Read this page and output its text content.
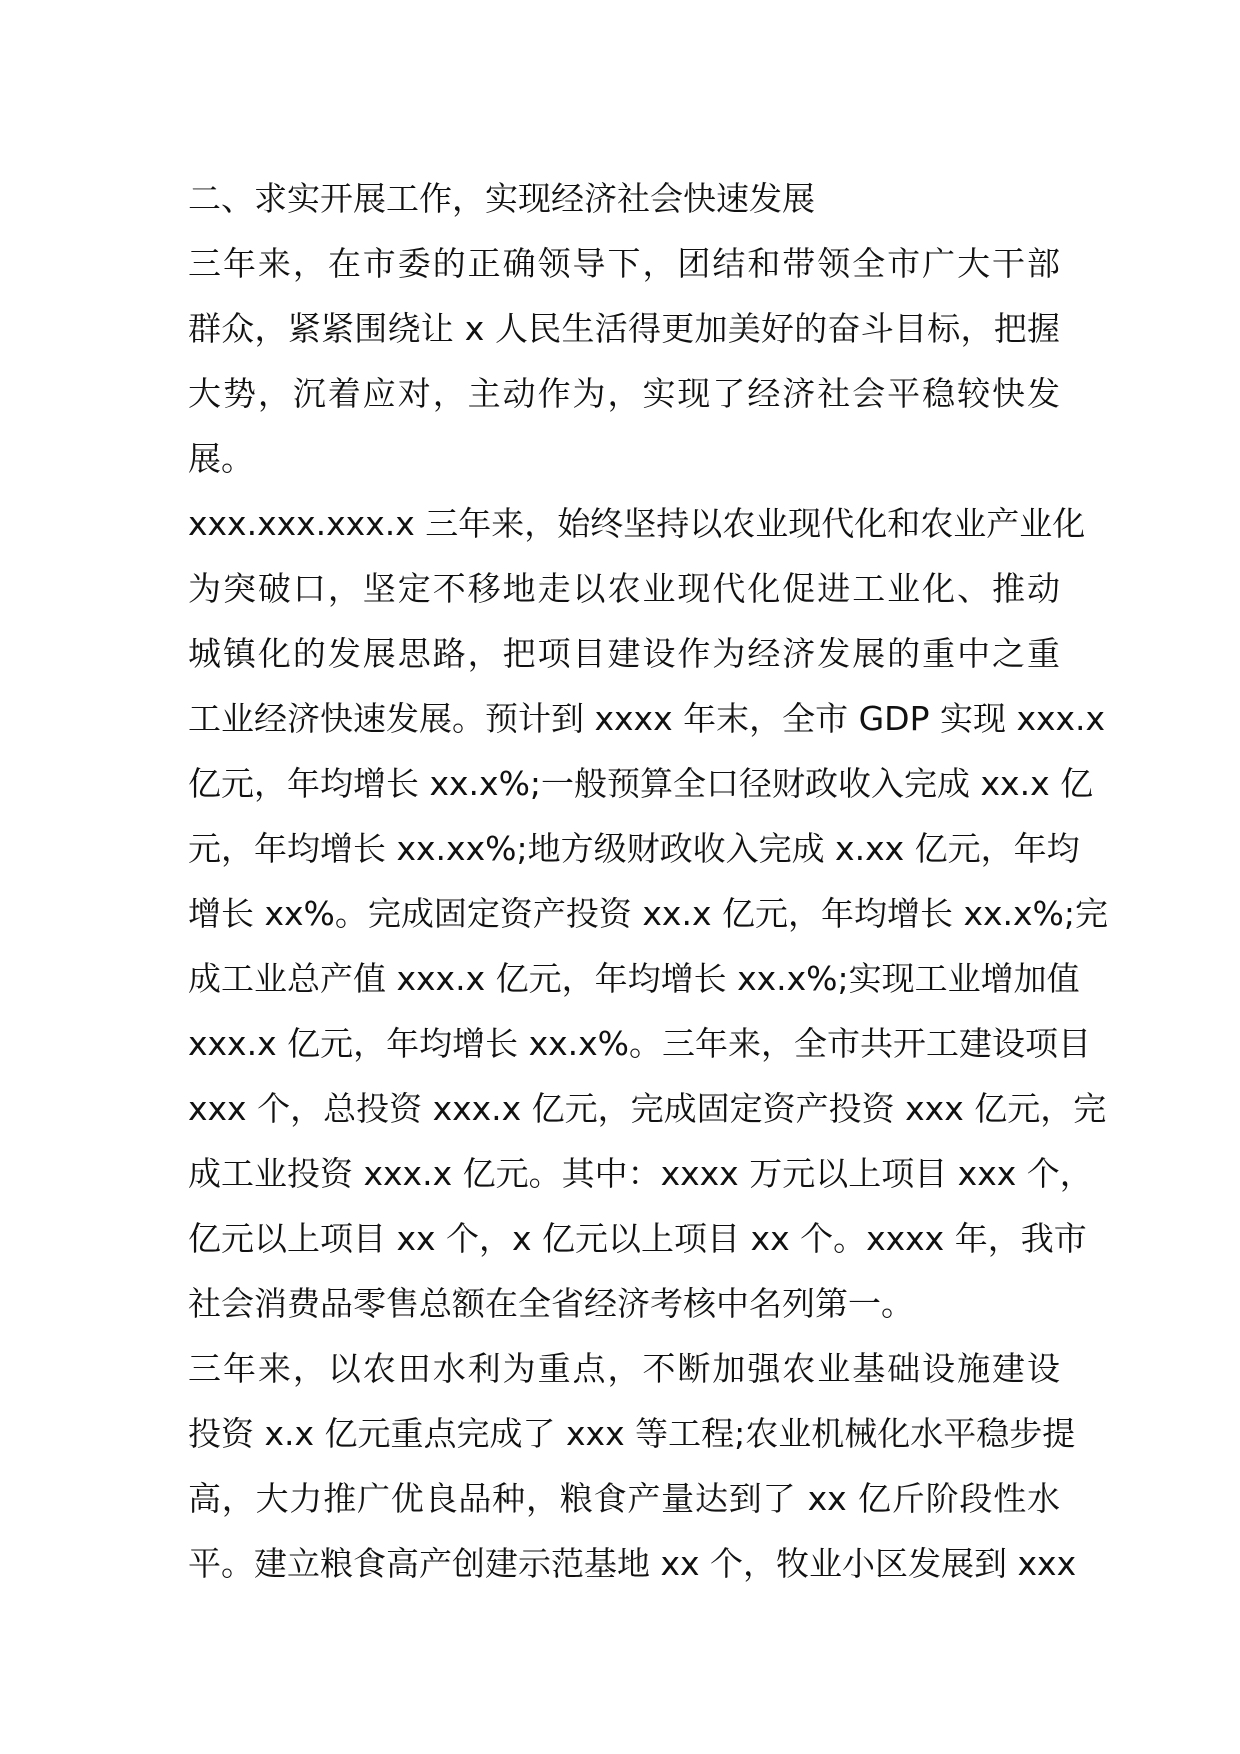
二、求实开展工作，实现经济社会快速发展
三年来，在市委的正确领导下，团结和带领全市广大干部
群众，紧紧围绕让 x 人民生活得更加美好的奋斗目标，把握
大势，沉着应对，主动作为，实现了经济社会平稳较快发
展。
xxx.xxx.xxx.x 三年来，始终坚持以农业现代化和农业产业化
为突破口，坚定不移地走以农业现代化促进工业化、推动
城镇化的发展思路，把项目建设作为经济发展的重中之重
工业经济快速发展。预计到 xxxx 年末，全市 GDP 实现 xxx.x
亿元，年均增长 xx.x%;一般预算全口径财政收入完成 xx.x 亿
元，年均增长 xx.xx%;地方级财政收入完成 x.xx 亿元，年均
增长 xx%。完成固定资产投资 xx.x 亿元，年均增长 xx.x%;完
成工业总产值 xxx.x 亿元，年均增长 xx.x%;实现工业增加值
xxx.x 亿元，年均增长 xx.x%。三年来，全市共开工建设项目
xxx 个，总投资 xxx.x 亿元，完成固定资产投资 xxx 亿元，完
成工业投资 xxx.x 亿元。其中：xxxx 万元以上项目 xxx 个，
亿元以上项目 xx 个，x 亿元以上项目 xx 个。xxxx 年，我市
社会消费品零售总额在全省经济考核中名列第一。
三年来，以农田水利为重点，不断加强农业基础设施建设
投资 x.x 亿元重点完成了 xxx 等工程;农业机械化水平稳步提
高，大力推广优良品种，粮食产量达到了 xx 亿斤阶段性水
平。建立粮食高产创建示范基地 xx 个，牧业小区发展到 xxx
